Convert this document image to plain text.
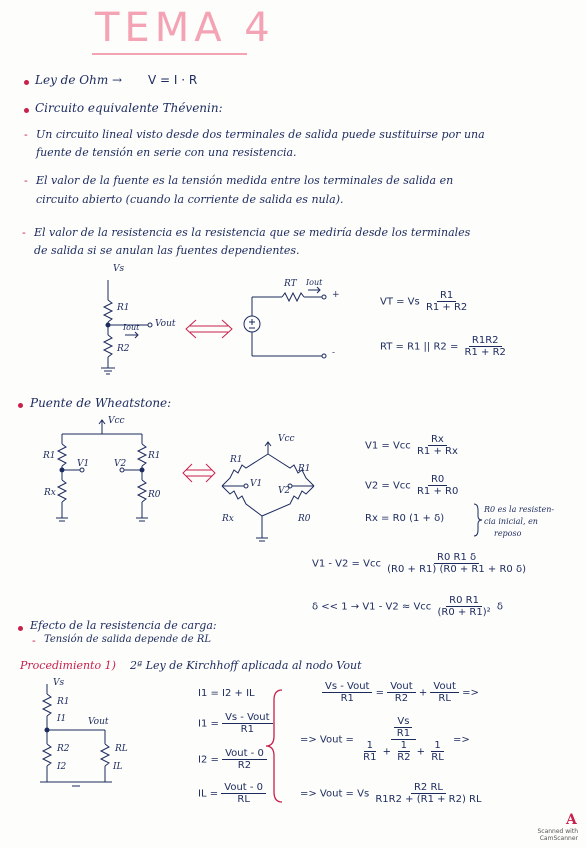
TEMA 4
Ley de Ohm → V = I · R
Circuito equivalente Thévenin:
- Un circuito lineal visto desde dos terminales de salida puede sustituirse por una
fuente de tensión en serie con una resistencia.
- El valor de la fuente es la tensión medida entre los terminales de salida en
circuito abierto (cuando la corriente de salida es nula).
- El valor de la resistencia es la resistencia que se mediría desde los terminales
de salida si se anulan las fuentes dependientes.
Vs
R1
Vout
Iout
R2
RT Iout
+
-
VT = Vs $\frac{R1}{R1 + R2}$
RT = R1 || $R2 = \frac{R1R2}{R1 + R2}$
Puente de Wheatstone:
Vcc
R1
V1	V2
Rx
R1
R0
Vcc
R1
V1
V2
R1
Rx	R0
V1 = Vcc $\frac{Rx}{R1 + Rx}$
V2 = Vcc $\frac{R0}{R1 + R0}$
Rx = R0 (1 + δ)
R0 es la resisten-
cia inicial, en
reposo
V1 - V2 = Vcc $\frac{R0 R1 \delta}{(R0 + R1) (R0 + R1 + R0 \delta)}$
δ << 1 → V1 - V2 ≈ Vcc $\frac{R0 R1}{\text{(R0 + R1)²}}$ δ
Efecto de la resistencia de carga:
- Tensión de salida depende de RL
Procedimiento 1) 2ª Ley de Kirchhoff aplicada al nodo Vout
Vs
R1
I1 Vout
R2	RL
I2	IL
I1 = I2 + IL
$I1 = \frac{\text{Vs - Vout}}{R1}$
$I2 = \frac{\text{Vout - 0}}{R2}$
IL = $\frac{\text{Vout - 0}}{RL}$
$\frac{\text{Vs - Vout}}{R1} = \frac{\text{Vout}}{R2} + \frac{\text{Vout}}{RL}$ =>
=> Vout = $\frac{\frac{Vs}{R1}}{\frac{1}{R1} + \frac{1}{R2} + \frac{1}{RL}}$ =>
=> Vout = Vs $\frac{R2 RL}{R1R2 + (R1 + R2) RL}$
A
Scanned with
CamScanner
